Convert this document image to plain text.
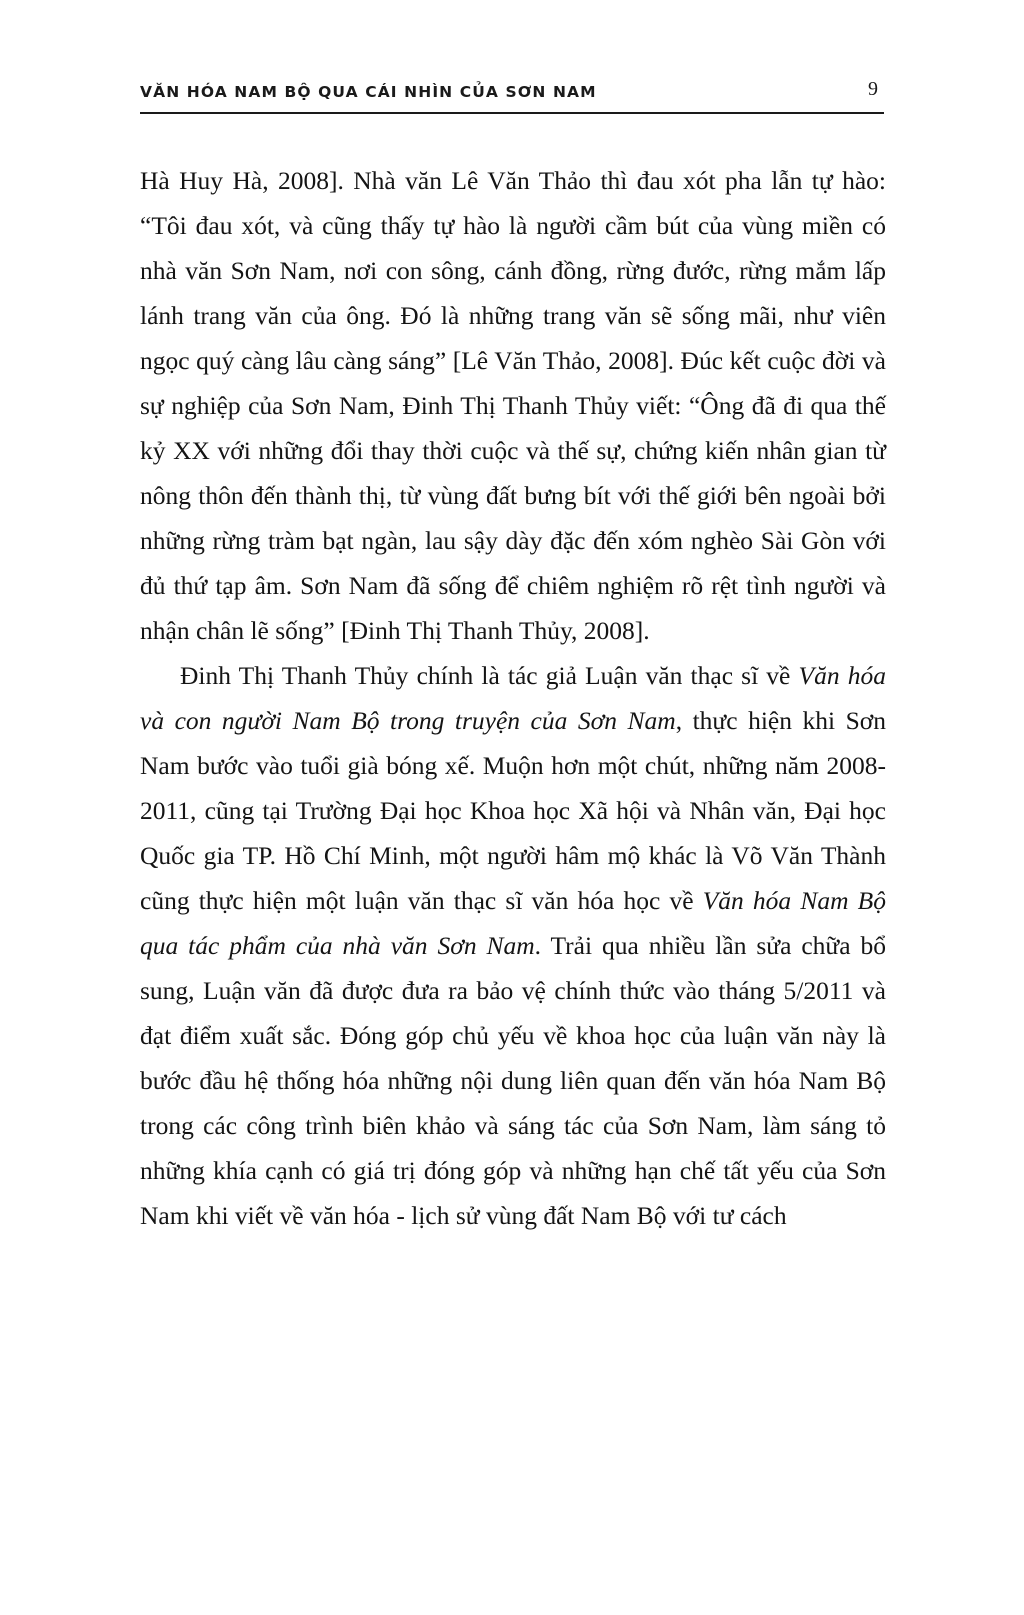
VĂN HÓA NAM BỘ QUA CÁI NHÌN CỦA SƠN NAM	9

Hà Huy Hà, 2008]. Nhà văn Lê Văn Thảo thì đau xót pha lẫn tự hào: “Tôi đau xót, và cũng thấy tự hào là người cầm bút của vùng miền có nhà văn Sơn Nam, nơi con sông, cánh đồng, rừng đước, rừng mắm lấp lánh trang văn của ông. Đó là những trang văn sẽ sống mãi, như viên ngọc quý càng lâu càng sáng” [Lê Văn Thảo, 2008]. Đúc kết cuộc đời và sự nghiệp của Sơn Nam, Đinh Thị Thanh Thủy viết: “Ông đã đi qua thế kỷ XX với những đổi thay thời cuộc và thế sự, chứng kiến nhân gian từ nông thôn đến thành thị, từ vùng đất bưng bít với thế giới bên ngoài bởi những rừng tràm bạt ngàn, lau sậy dày đặc đến xóm nghèo Sài Gòn với đủ thứ tạp âm. Sơn Nam đã sống để chiêm nghiệm rõ rệt tình người và nhận chân lẽ sống” [Đinh Thị Thanh Thủy, 2008].

Đinh Thị Thanh Thủy chính là tác giả Luận văn thạc sĩ về Văn hóa và con người Nam Bộ trong truyện của Sơn Nam, thực hiện khi Sơn Nam bước vào tuổi già bóng xế. Muộn hơn một chút, những năm 2008-2011, cũng tại Trường Đại học Khoa học Xã hội và Nhân văn, Đại học Quốc gia TP. Hồ Chí Minh, một người hâm mộ khác là Võ Văn Thành cũng thực hiện một luận văn thạc sĩ văn hóa học về Văn hóa Nam Bộ qua tác phẩm của nhà văn Sơn Nam. Trải qua nhiều lần sửa chữa bổ sung, Luận văn đã được đưa ra bảo vệ chính thức vào tháng 5/2011 và đạt điểm xuất sắc. Đóng góp chủ yếu về khoa học của luận văn này là bước đầu hệ thống hóa những nội dung liên quan đến văn hóa Nam Bộ trong các công trình biên khảo và sáng tác của Sơn Nam, làm sáng tỏ những khía cạnh có giá trị đóng góp và những hạn chế tất yếu của Sơn Nam khi viết về văn hóa - lịch sử vùng đất Nam Bộ với tư cách
